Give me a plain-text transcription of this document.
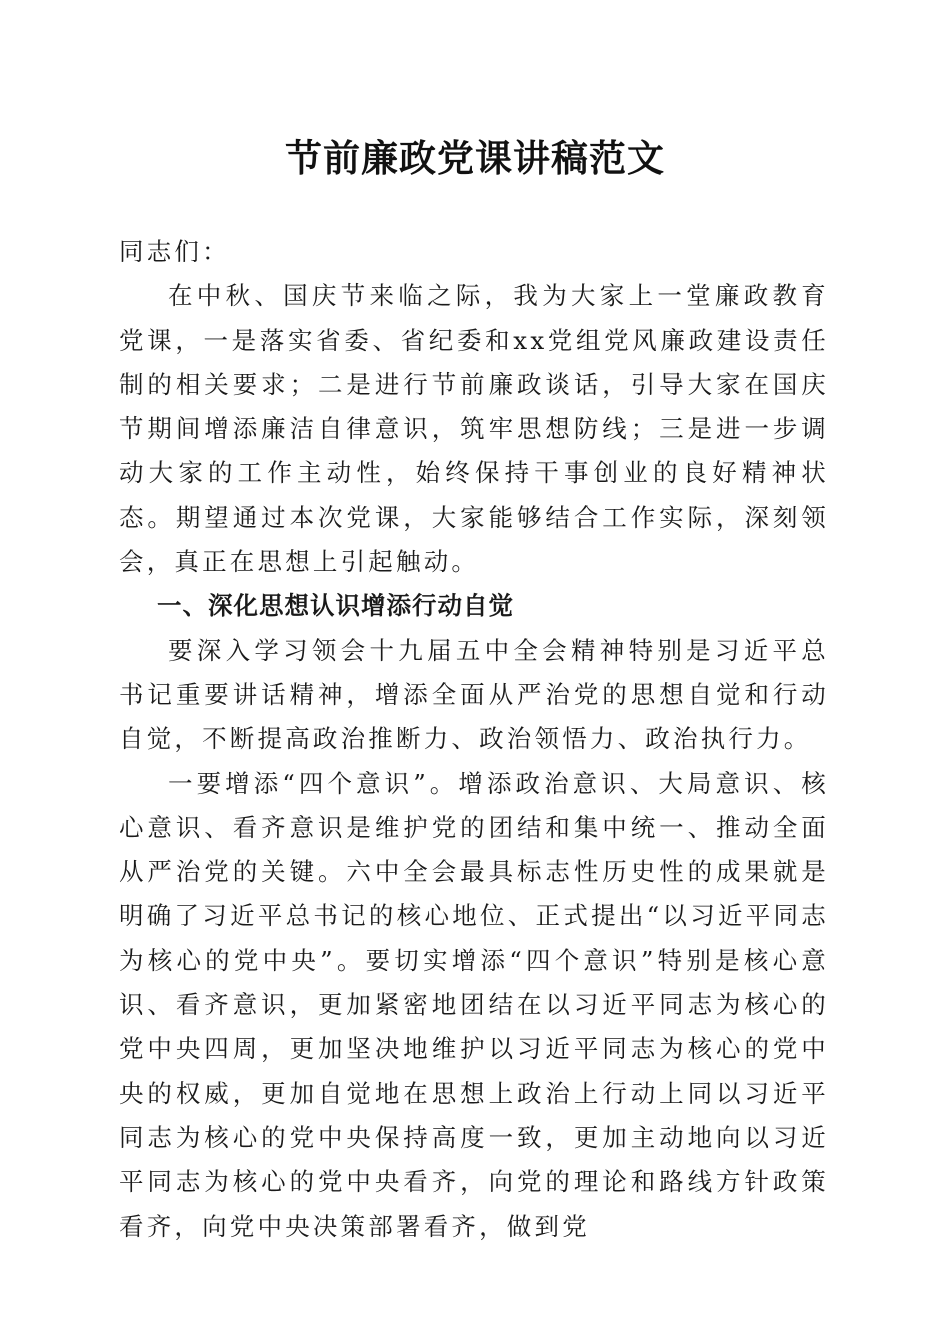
节前廉政党课讲稿范文

同志们：

在中秋、国庆节来临之际，我为大家上一堂廉政教育党课，一是落实省委、省纪委和xx党组党风廉政建设责任制的相关要求；二是进行节前廉政谈话，引导大家在国庆节期间增添廉洁自律意识，筑牢思想防线；三是进一步调动大家的工作主动性，始终保持干事创业的良好精神状态。期望通过本次党课，大家能够结合工作实际，深刻领会，真正在思想上引起触动。

一、深化思想认识增添行动自觉

要深入学习领会十九届五中全会精神特别是习近平总书记重要讲话精神，增添全面从严治党的思想自觉和行动自觉，不断提高政治推断力、政治领悟力、政治执行力。

一要增添“四个意识”。增添政治意识、大局意识、核心意识、看齐意识是维护党的团结和集中统一、推动全面从严治党的关键。六中全会最具标志性历史性的成果就是明确了习近平总书记的核心地位、正式提出“以习近平同志为核心的党中央”。要切实增添“四个意识”特别是核心意识、看齐意识，更加紧密地团结在以习近平同志为核心的党中央四周，更加坚决地维护以习近平同志为核心的党中央的权威，更加自觉地在思想上政治上行动上同以习近平同志为核心的党中央保持高度一致，更加主动地向以习近平同志为核心的党中央看齐，向党的理论和路线方针政策看齐，向党中央决策部署看齐，做到党
